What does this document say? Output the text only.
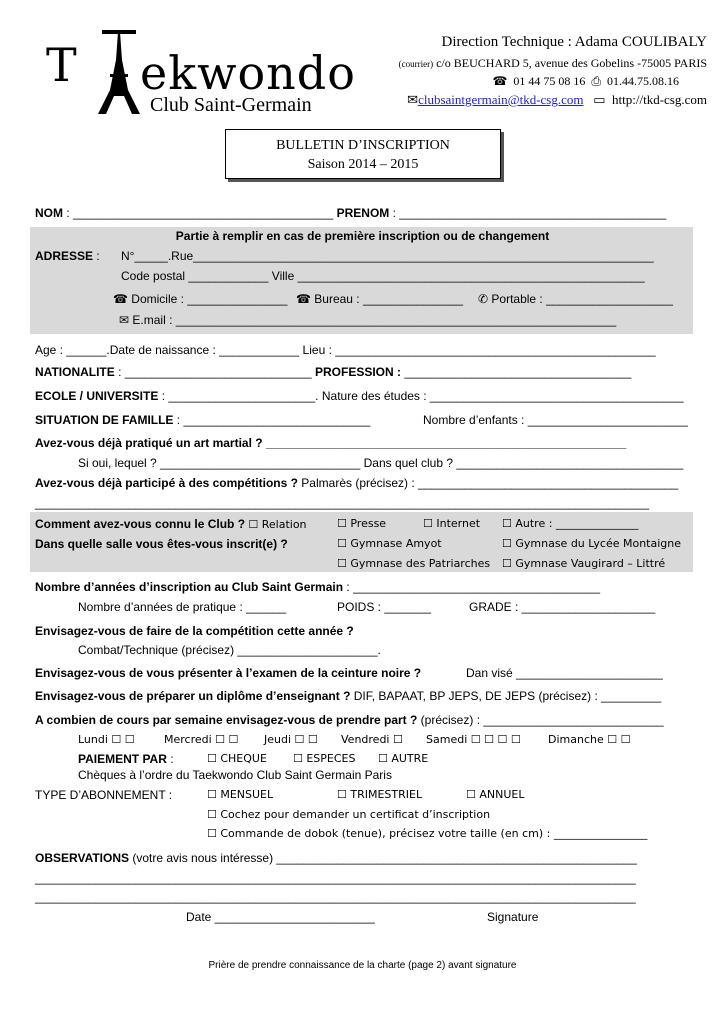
T ekwondo
Club Saint-Germain
Direction Technique : Adama COULIBALY
(courrier) c/o BEUCHARD 5, avenue des Gobelins -75005 PARIS
☎ 01 44 75 08 16 ⎙ 01.44.75.08.16
✉clubsaintgermain@tkd-csg.com ▭ http://tkd-csg.com
BULLETIN D’INSCRIPTION
Saison 2014 – 2015
NOM : _______________________________________ PRENOM : ________________________________________
Partie à remplir en cas de première inscription ou de changement
ADRESSE : N°_____.Rue_____________________________________________________________________
Code postal ____________ Ville ____________________________________________________
☎ Domicile : _______________ ☎ Bureau : _______________ ✆ Portable : ___________________
✉ E.mail : __________________________________________________________________
Age : ______.Date de naissance : ____________ Lieu : ________________________________________________
NATIONALITE : ____________________________ PROFESSION : __________________________________
ECOLE / UNIVERSITE : ______________________. Nature des études : ______________________________________
SITUATION DE FAMILLE : ____________________________	Nombre d’enfants : ________________________
Avez-vous déjà pratiqué un art martial ? ______________________________________________________
Si oui, lequel ? ______________________________ Dans quel club ? __________________________________
Avez-vous déjà participé à des compétitions ? Palmarès (précisez) : _______________________________________
____________________________________________________________________________________________
Comment avez-vous connu le Club ? ☐ Relation	☐ Presse	☐ Internet ☐ Autre : _______________
Dans quelle salle vous êtes-vous inscrit(e) ?	☐ Gymnase Amyot	☐ Gymnase du Lycée Montaigne
☐ Gymnase des Patriarches ☐ Gymnase Vaugirard – Littré
Nombre d’années d’inscription au Club Saint Germain : _____________________________________
Nombre d’années de pratique : ______	POIDS : _______	GRADE : ____________________
Envisagez-vous de faire de la compétition cette année ?
Combat/Technique (précisez) _____________________.
Envisagez-vous de vous présenter à l’examen de la ceinture noire ?	Dan visé ______________________
Envisagez-vous de préparer un diplôme d’enseignant ? DIF, BAPAAT, BP JEPS, DE JEPS (précisez) : _________
A combien de cours par semaine envisagez-vous de prendre part ? (précisez) : ___________________________
Lundi ☐ ☐	Mercredi ☐ ☐ Jeudi ☐ ☐ Vendredi ☐ Samedi ☐ ☐ ☐ ☐ Dimanche ☐ ☐
PAIEMENT PAR :	☐ CHEQUE ☐ ESPECES ☐ AUTRE
Chèques à l’ordre du Taekwondo Club Saint Germain Paris
TYPE D’ABONNEMENT :	☐ MENSUEL	☐ TRIMESTRIEL	☐ ANNUEL
☐ Cochez pour demander un certificat d’inscription
☐ Commande de dobok (tenue), précisez votre taille (en cm) : _________________
OBSERVATIONS (votre avis nous intéresse) ______________________________________________________
__________________________________________________________________________________________
__________________________________________________________________________________________
Date ________________________	Signature
Prière de prendre connaissance de la charte (page 2) avant signature
